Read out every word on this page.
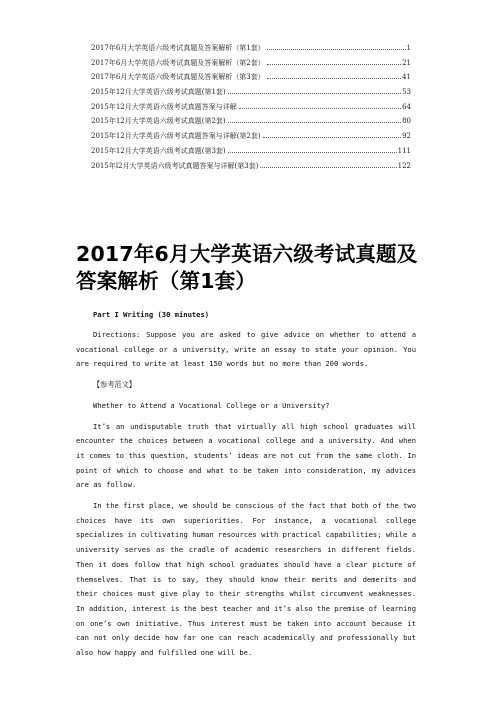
2017年6月大学英语六级考试真题及答案解析（第1套）	1
2017年6月大学英语六级考试真题及答案解析（第2套）	21
2017年6月大学英语六级考试真题及答案解析（第3套）	41
2015年12月大学英语六级考试真题(第1套)	53
2015年12月大学英语六级考试真题答案与详解	64
2015年12月大学英语六级考试真题(第2套)	80
2015年12月大学英语六级考试真题答案与详解(第2套)	92
2015年12月大学英语六级考试真题(第3套)	111
2015年l2月大学英语六级考试真题答案与详解(第3套)	122
2017年6月大学英语六级考试真题及答案解析（第1套）
Part I Writing (30 minutes)

Directions: Suppose you are asked to give advice on whether to attend a vocational college or a university, write an essay to state your opinion. You are required to write at least 150 words but no more than 200 words.

【参考范文】

Whether to Attend a Vocational College or a University?

It’s an undisputable truth that virtually all high school graduates will encounter the choices between a vocational college and a university. And when it comes to this question, students’ ideas are not cut from the same cloth. In point of which to choose and what to be taken into consideration, my advices are as follow.

In the first place, we should be conscious of the fact that both of the two choices have its own superiorities. For instance, a vocational college specializes in cultivating human resources with practical capabilities; while a university serves as the cradle of academic researchers in different fields. Then it does follow that high school graduates should have a clear picture of themselves. That is to say, they should know their merits and demerits and their choices must give play to their strengths whilst circumvent weaknesses. In addition, interest is the best teacher and it’s also the premise of learning on one’s own initiative. Thus interest must be taken into account because it can not only decide how far one can reach academically and professionally but also how happy and fulfilled one will be.
